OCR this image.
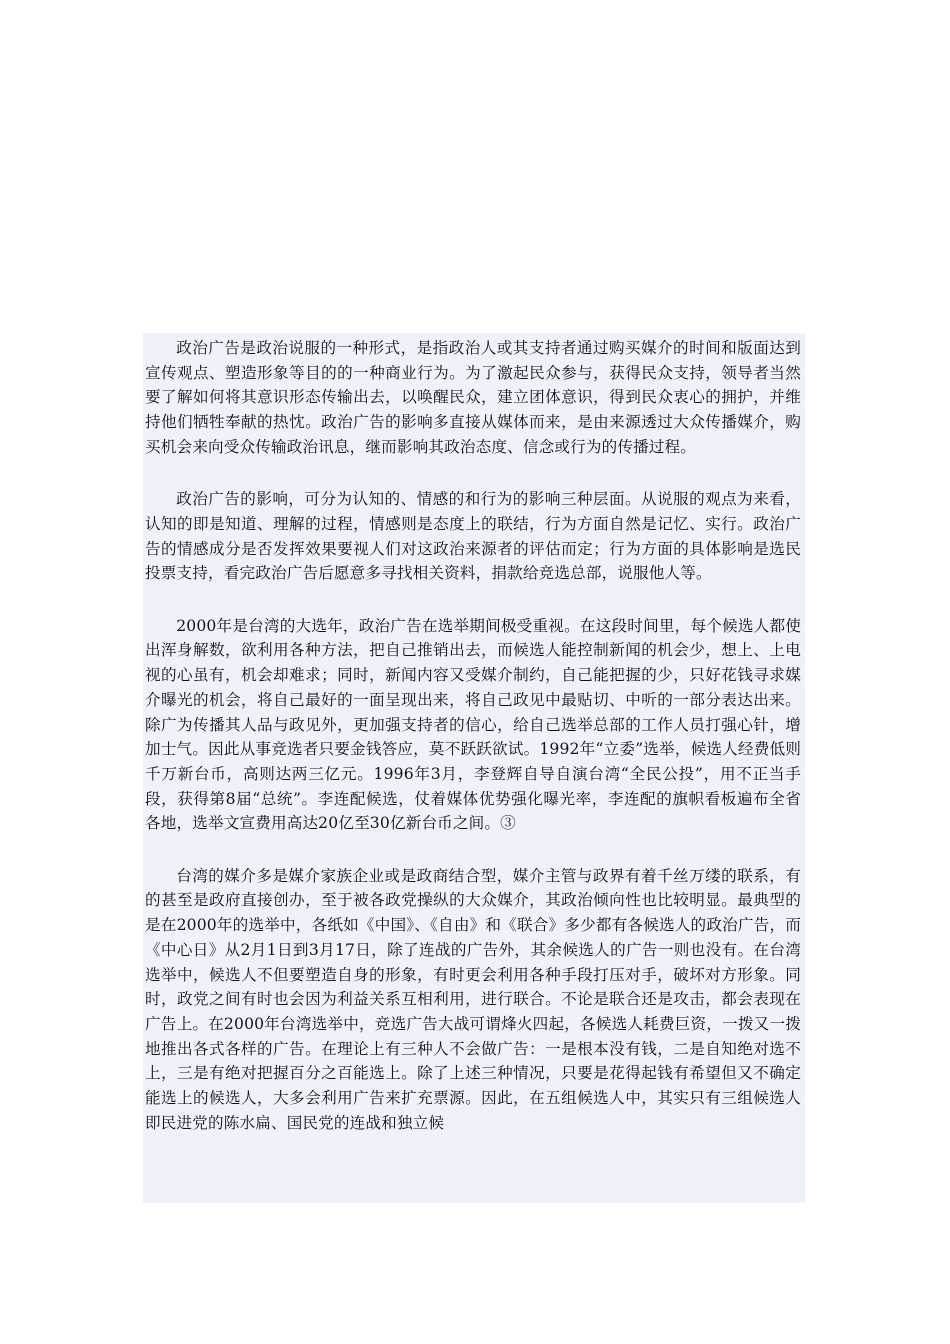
政治广告是政治说服的一种形式，是指政治人或其支持者通过购买媒介的时间和版面达到宣传观点、塑造形象等目的的一种商业行为。为了激起民众参与，获得民众支持，领导者当然要了解如何将其意识形态传输出去，以唤醒民众，建立团体意识，得到民众衷心的拥护，并维持他们牺牲奉献的热忱。政治广告的影响多直接从媒体而来，是由来源透过大众传播媒介，购买机会来向受众传输政治讯息，继而影响其政治态度、信念或行为的传播过程。

政治广告的影响，可分为认知的、情感的和行为的影响三种层面。从说服的观点为来看，认知的即是知道、理解的过程，情感则是态度上的联结，行为方面自然是记忆、实行。政治广告的情感成分是否发挥效果要视人们对这政治来源者的评估而定；行为方面的具体影响是选民投票支持，看完政治广告后愿意多寻找相关资料，捐款给竞选总部，说服他人等。

2000年是台湾的大选年，政治广告在选举期间极受重视。在这段时间里，每个候选人都使出浑身解数，欲利用各种方法，把自己推销出去，而候选人能控制新闻的机会少，想上、上电视的心虽有，机会却难求；同时，新闻内容又受媒介制约，自己能把握的少，只好花钱寻求媒介曝光的机会，将自己最好的一面呈现出来，将自己政见中最贴切、中听的一部分表达出来。除广为传播其人品与政见外，更加强支持者的信心，给自己选举总部的工作人员打强心针，增加士气。因此从事竞选者只要金钱答应，莫不跃跃欲试。1992年“立委”选举，候选人经费低则千万新台币，高则达两三亿元。1996年3月，李登辉自导自演台湾“全民公投”，用不正当手段，获得第8届“总统”。李连配候选，仗着媒体优势强化曝光率，李连配的旗帜看板遍布全省各地，选举文宣费用高达20亿至30亿新台币之间。③

台湾的媒介多是媒介家族企业或是政商结合型，媒介主管与政界有着千丝万缕的联系，有的甚至是政府直接创办，至于被各政党操纵的大众媒介，其政治倾向性也比较明显。最典型的是在2000年的选举中，各纸如《中国》、《自由》和《联合》多少都有各候选人的政治广告，而《中心日》从2月1日到3月17日，除了连战的广告外，其余候选人的广告一则也没有。在台湾选举中，候选人不但要塑造自身的形象，有时更会利用各种手段打压对手，破坏对方形象。同时，政党之间有时也会因为利益关系互相利用，进行联合。不论是联合还是攻击，都会表现在广告上。在2000年台湾选举中，竞选广告大战可谓烽火四起，各候选人耗费巨资，一拨又一拨地推出各式各样的广告。在理论上有三种人不会做广告：一是根本没有钱，二是自知绝对选不上，三是有绝对把握百分之百能选上。除了上述三种情况，只要是花得起钱有希望但又不确定能选上的候选人，大多会利用广告来扩充票源。因此，在五组候选人中，其实只有三组候选人即民进党的陈水扁、国民党的连战和独立候
